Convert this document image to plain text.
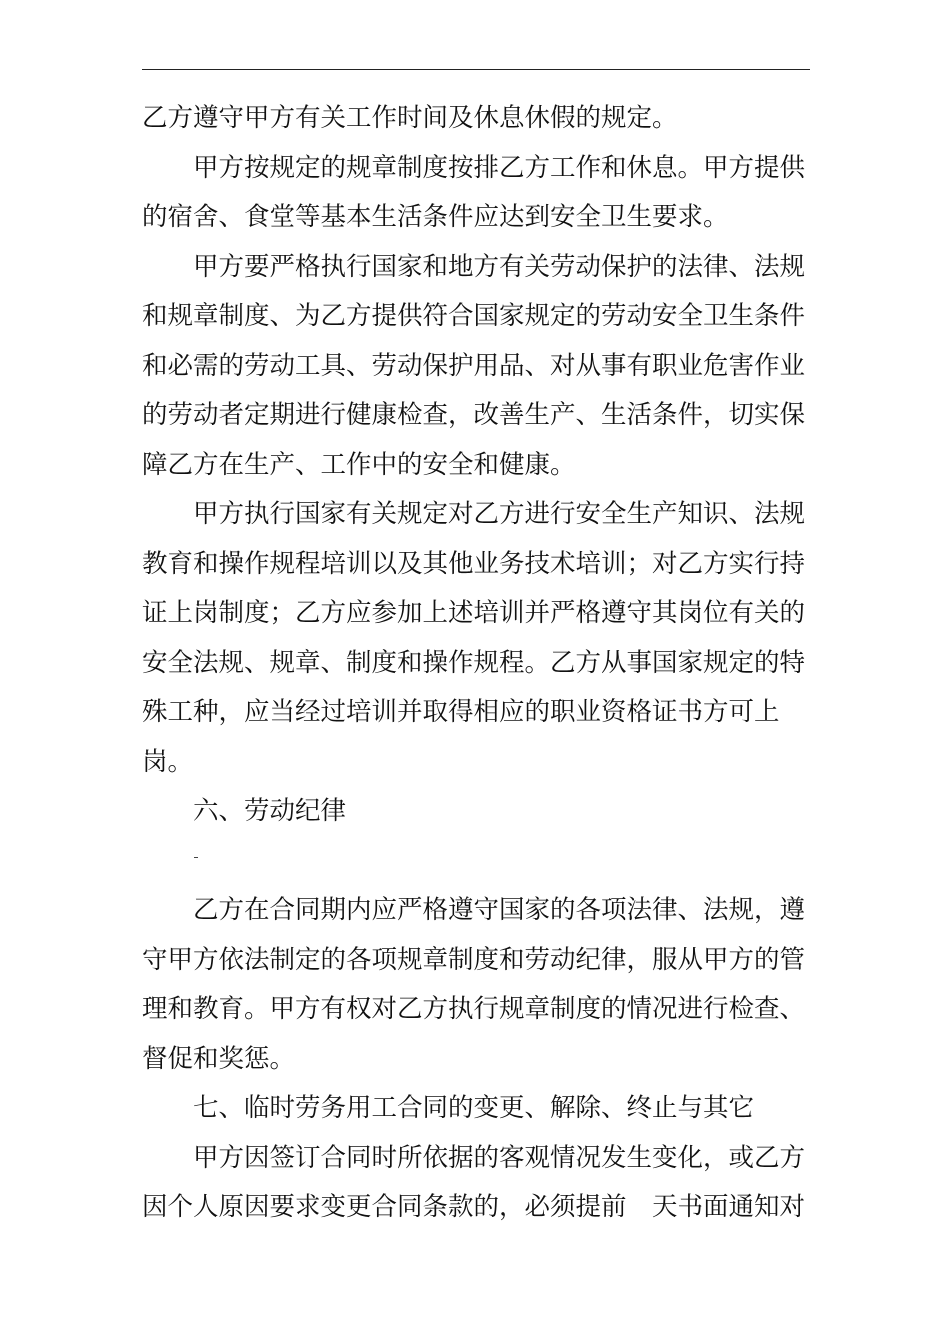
乙方遵守甲方有关工作时间及休息休假的规定。
甲方按规定的规章制度按排乙方工作和休息。甲方提供
的宿舍、食堂等基本生活条件应达到安全卫生要求。
甲方要严格执行国家和地方有关劳动保护的法律、法规
和规章制度、为乙方提供符合国家规定的劳动安全卫生条件
和必需的劳动工具、劳动保护用品、对从事有职业危害作业
的劳动者定期进行健康检查，改善生产、生活条件，切实保
障乙方在生产、工作中的安全和健康。
甲方执行国家有关规定对乙方进行安全生产知识、法规
教育和操作规程培训以及其他业务技术培训；对乙方实行持
证上岗制度；乙方应参加上述培训并严格遵守其岗位有关的
安全法规、规章、制度和操作规程。乙方从事国家规定的特
殊工种，应当经过培训并取得相应的职业资格证书方可上
岗。
六、劳动纪律
乙方在合同期内应严格遵守国家的各项法律、法规，遵
守甲方依法制定的各项规章制度和劳动纪律，服从甲方的管
理和教育。甲方有权对乙方执行规章制度的情况进行检查、
督促和奖惩。
七、临时劳务用工合同的变更、解除、终止与其它
甲方因签订合同时所依据的客观情况发生变化，或乙方
因个人原因要求变更合同条款的，必须提前　天书面通知对
